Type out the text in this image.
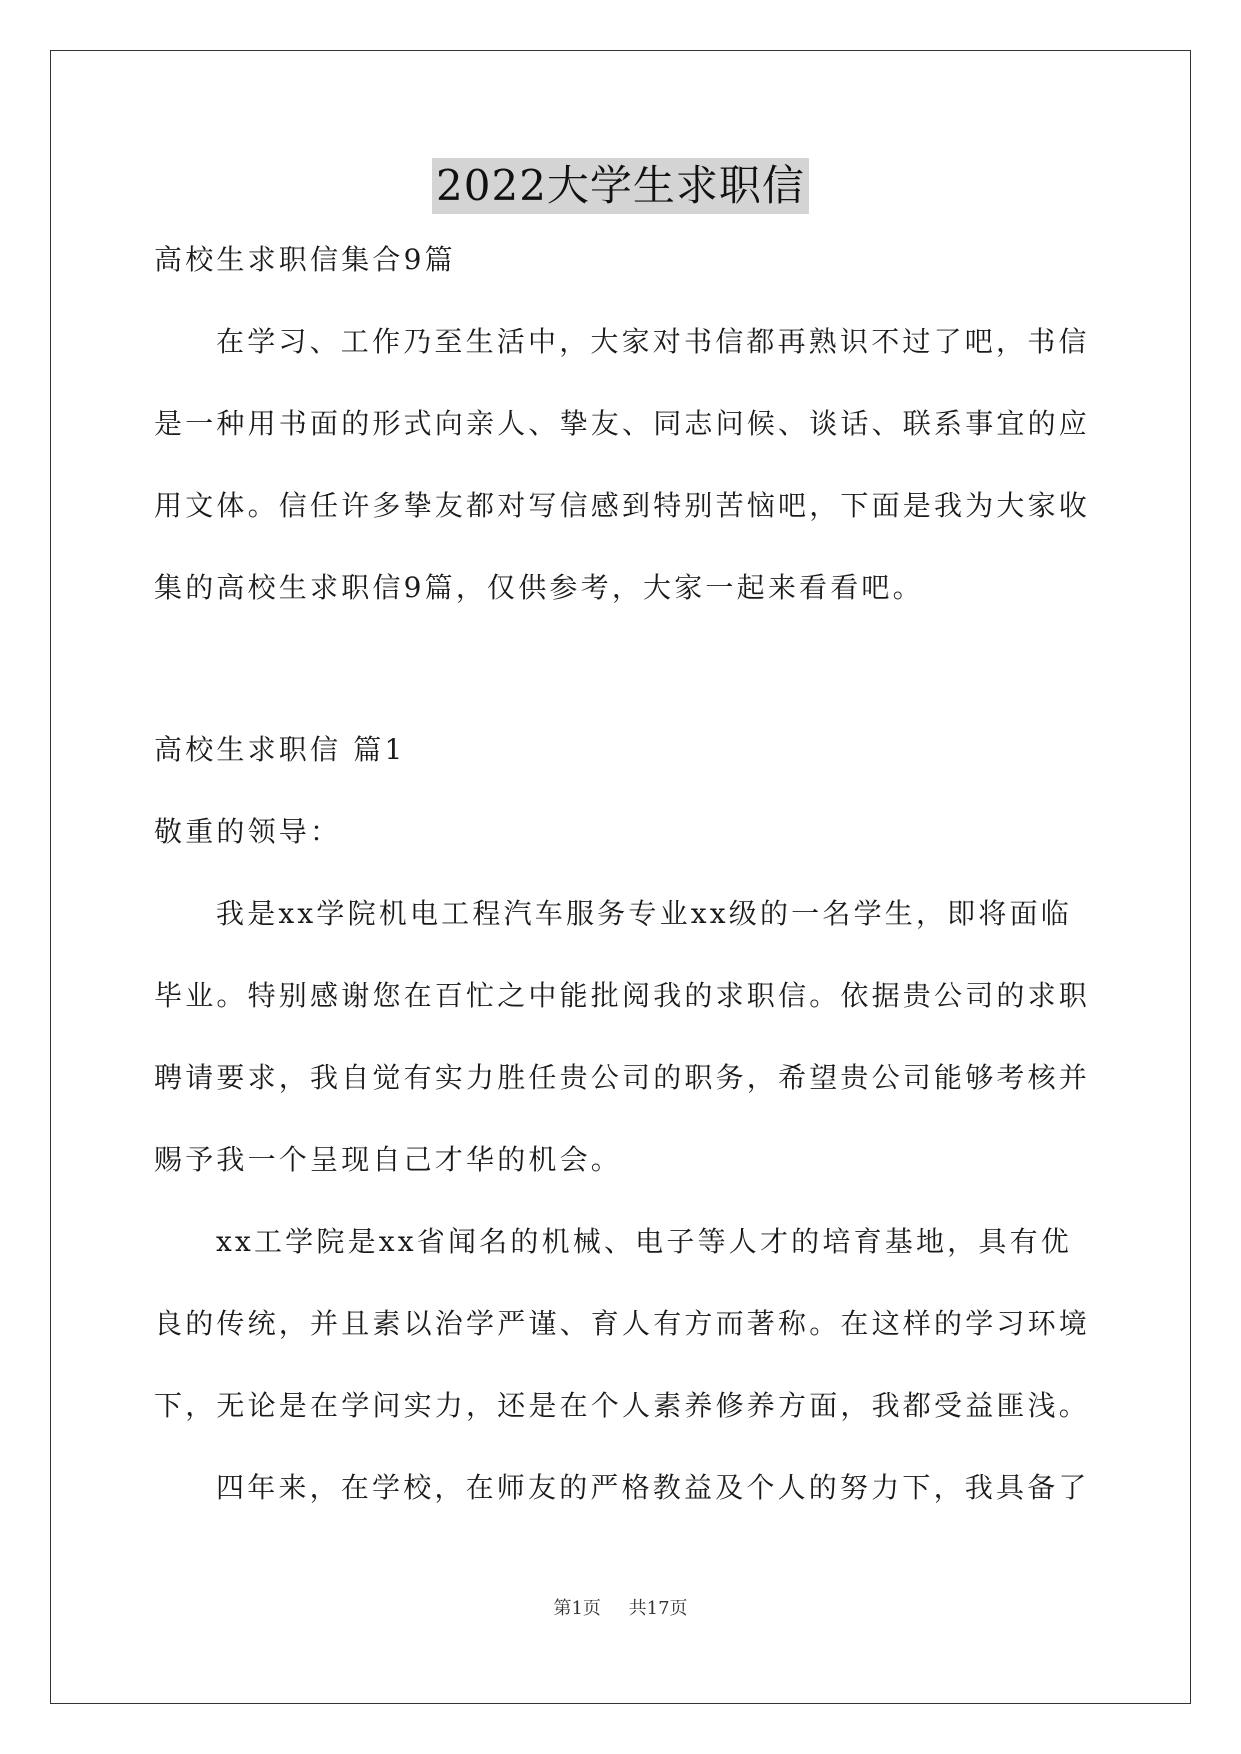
2022大学生求职信
高校生求职信集合9篇
在学习、工作乃至生活中，大家对书信都再熟识不过了吧，书信
是一种用书面的形式向亲人、挚友、同志问候、谈话、联系事宜的应
用文体。信任许多挚友都对写信感到特别苦恼吧，下面是我为大家收
集的高校生求职信9篇，仅供参考，大家一起来看看吧。
高校生求职信 篇1
敬重的领导：
我是xx学院机电工程汽车服务专业xx级的一名学生，即将面临
毕业。特别感谢您在百忙之中能批阅我的求职信。依据贵公司的求职
聘请要求，我自觉有实力胜任贵公司的职务，希望贵公司能够考核并
赐予我一个呈现自己才华的机会。
xx工学院是xx省闻名的机械、电子等人才的培育基地，具有优
良的传统，并且素以治学严谨、育人有方而著称。在这样的学习环境
下，无论是在学问实力，还是在个人素养修养方面，我都受益匪浅。
四年来，在学校，在师友的严格教益及个人的努力下，我具备了
第1页 共17页
